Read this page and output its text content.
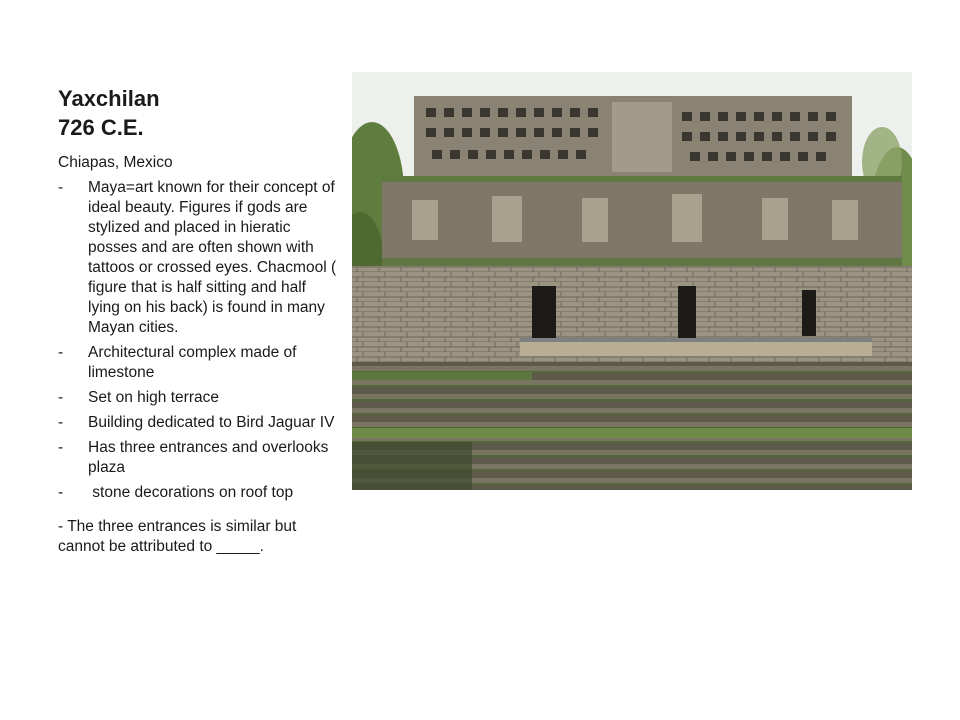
Yaxchilan
726 C.E.

Chiapas, Mexico

-	Maya=art known for their concept of ideal beauty. Figures if gods are stylized and placed in hieratic posses and are often shown with tattoos or crossed eyes. Chacmool ( figure that is half sitting and half lying on his back) is found in many Mayan cities.
-	Architectural complex made of limestone
-	Set on high terrace
-	Building dedicated to Bird Jaguar IV
-	Has three entrances and overlooks plaza
-	stone decorations on roof top

- The three entrances is similar but cannot be attributed to _____.
